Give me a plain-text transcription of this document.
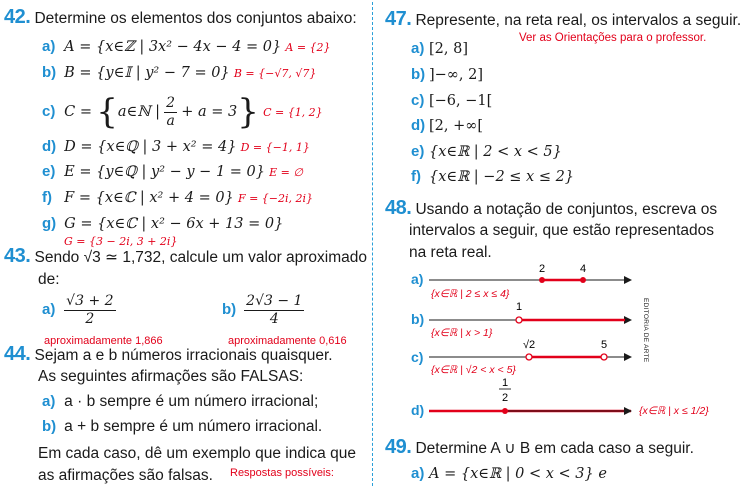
42. Determine os elementos dos conjuntos abaixo:
a) A = {x∈ℤ | 3x² − 4x − 4 = 0} A = {2}
b) B = {y∈𝕀 | y² − 7 = 0} B = {−√7, √7}
c) C = {a∈ℕ | $\frac{2}{a} + a = 3$} C = {1, 2}
d) D = {x∈ℚ | 3 + x² = 4} D = {−1, 1}
e) E = {y∈ℚ | y² − y − 1 = 0} E = ∅
f) F = {x∈ℂ | x² + 4 = 0} F = {−2i, 2i}
g) G = {x∈ℂ | x² − 6x + 13 = 0}
G = {3 − 2i, 3 + 2i}
43. Sendo √3 ≃ 1,732, calcule um valor aproximado
de:
$a) \frac{√3 + 2}{2}$
aproximadamente 1,866
$b) \frac{2√3 - 1}{4}$
aproximadamente 0,616
44. Sejam a e b números irracionais quaisquer.
As seguintes afirmações são FALSAS:
a) a · b sempre é um número irracional;
b) a + b sempre é um número irracional.
Em cada caso, dê um exemplo que indica que
as afirmações são falsas. Respostas possíveis:
47. Represente, na reta real, os intervalos a seguir.
Ver as Orientações para o professor.
a) [2, 8]
b) ]−∞, 2]
c) [−6, −1[
d) [2, +∞[
e) {x∈ℝ | 2 < x < 5}
f) {x∈ℝ | −2 ≤ x ≤ 2}
48. Usando a notação de conjuntos, escreva os
intervalos a seguir, que estão representados
na reta real.
a)
2	4
{x∈ℝ | 2 ≤ x ≤ 4}
b)
1
{x∈ℝ | x > 1}
c)
√2	5
{x∈ℝ | √2 < x < 5}
d)
1
2
{x∈ℝ | x ≤ 1/2}
EDITORIA DE ARTE
49. Determine A ∪ B em cada caso a seguir.
a) A = {x∈ℝ | 0 < x < 3} e
